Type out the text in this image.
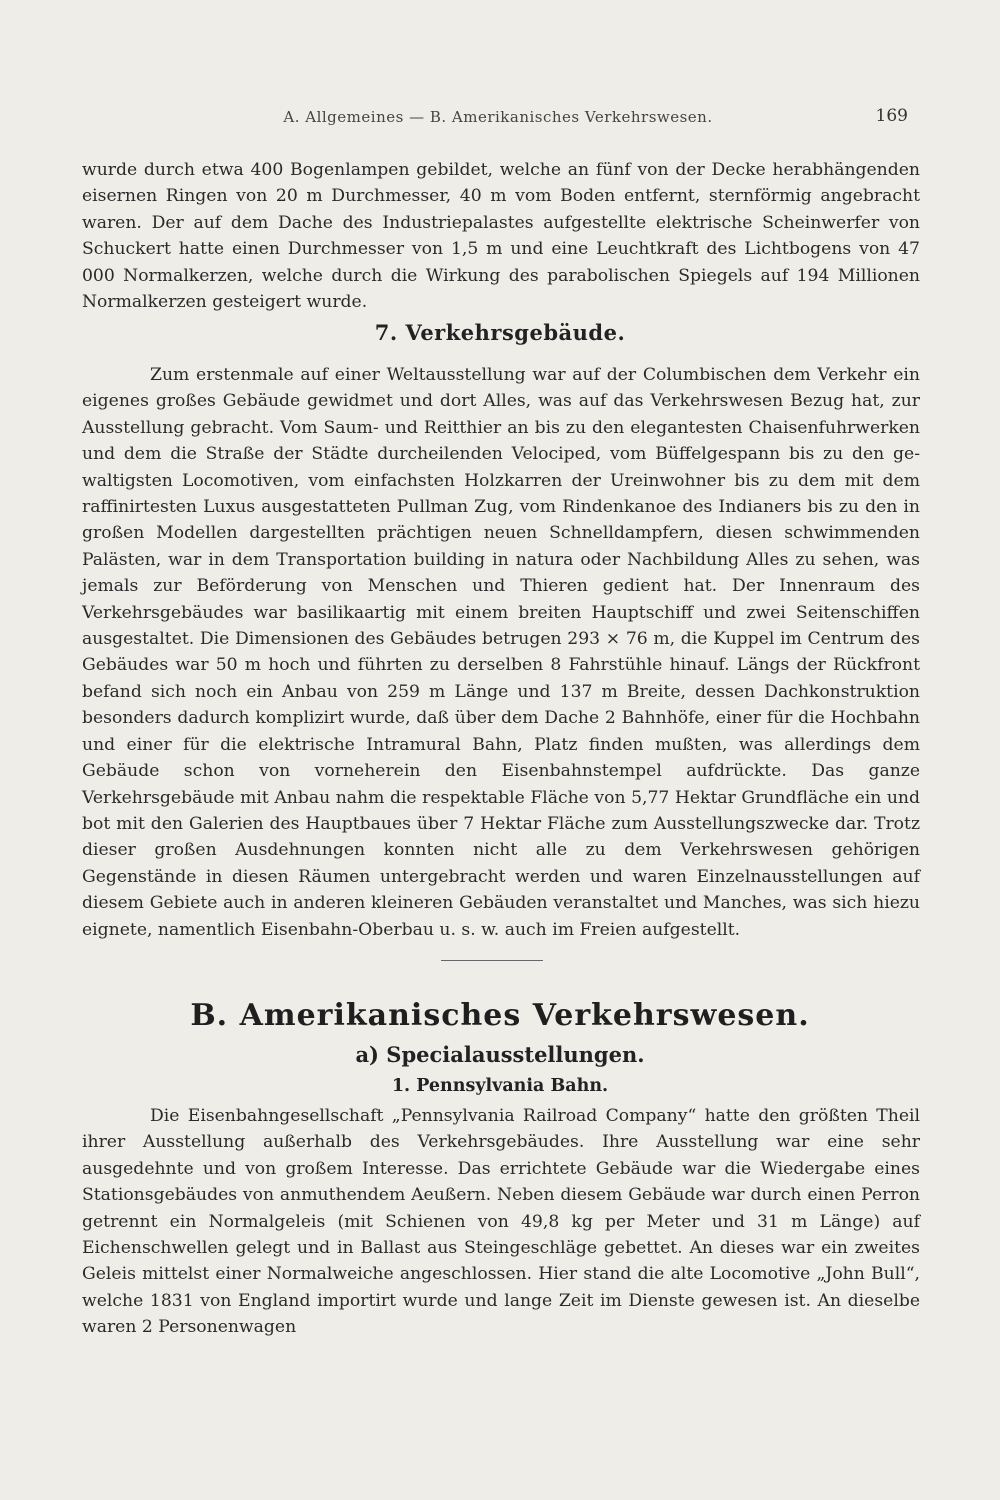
A. Allgemeines — B. Amerikanisches Verkehrswesen.	169

wurde durch etwa 400 Bogenlampen gebildet, welche an fünf von der Decke herabhängenden eisernen Ringen von 20 m Durchmesser, 40 m vom Boden entfernt, sternförmig angebracht waren. Der auf dem Dache des Industriepalastes aufgestellte elektrische Scheinwerfer von Schuckert hatte einen Durchmesser von 1,5 m und eine Leuchtkraft des Lichtbogens von 47 000 Normalkerzen, welche durch die Wirkung des parabolischen Spiegels auf 194 Millionen Normalkerzen gesteigert wurde.

7. Verkehrsgebäude.

Zum erstenmale auf einer Weltausstellung war auf der Columbischen dem Verkehr ein eigenes großes Gebäude gewidmet und dort Alles, was auf das Verkehrswesen Bezug hat, zur Ausstellung gebracht. Vom Saum- und Reitthier an bis zu den elegantesten Chaisenfuhrwerken und dem die Straße der Städte durcheilenden Velociped, vom Büffelgespann bis zu den gewaltigsten Locomotiven, vom einfachsten Holzkarren der Ureinwohner bis zu dem mit dem raffinirtesten Luxus ausgestatteten Pullman Zug, vom Rindenkanoe des Indianers bis zu den in großen Modellen dargestellten prächtigen neuen Schnelldampfern, diesen schwimmenden Palästen, war in dem Transportation building in natura oder Nachbildung Alles zu sehen, was jemals zur Beförderung von Menschen und Thieren gedient hat. Der Innenraum des Verkehrsgebäudes war basilikaartig mit einem breiten Hauptschiff und zwei Seitenschiffen ausgestaltet. Die Dimensionen des Gebäudes betrugen 293 × 76 m, die Kuppel im Centrum des Gebäudes war 50 m hoch und führten zu derselben 8 Fahrstühle hinauf. Längs der Rückfront befand sich noch ein Anbau von 259 m Länge und 137 m Breite, dessen Dachkonstruktion besonders dadurch komplizirt wurde, daß über dem Dache 2 Bahnhöfe, einer für die Hochbahn und einer für die elektrische Intramural Bahn, Platz finden mußten, was allerdings dem Gebäude schon von vorneherein den Eisenbahnstempel aufdrückte. Das ganze Verkehrsgebäude mit Anbau nahm die respektable Fläche von 5,77 Hektar Grundfläche ein und bot mit den Galerien des Hauptbaues über 7 Hektar Fläche zum Ausstellungszwecke dar. Trotz dieser großen Ausdehnungen konnten nicht alle zu dem Verkehrswesen gehörigen Gegenstände in diesen Räumen untergebracht werden und waren Einzelnausstellungen auf diesem Gebiete auch in anderen kleineren Gebäuden veranstaltet und Manches, was sich hiezu eignete, namentlich Eisenbahn-Oberbau u. s. w. auch im Freien aufgestellt.

B. Amerikanisches Verkehrswesen.
a) Specialausstellungen.
1. Pennsylvania Bahn.

Die Eisenbahngesellschaft „Pennsylvania Railroad Company“ hatte den größten Theil ihrer Ausstellung außerhalb des Verkehrsgebäudes. Ihre Ausstellung war eine sehr ausgedehnte und von großem Interesse. Das errichtete Gebäude war die Wiedergabe eines Stationsgebäudes von anmuthendem Aeußern. Neben diesem Gebäude war durch einen Perron getrennt ein Normalgeleis (mit Schienen von 49,8 kg per Meter und 31 m Länge) auf Eichenschwellen gelegt und in Ballast aus Steingeschläge gebettet. An dieses war ein zweites Geleis mittelst einer Normalweiche angeschlossen. Hier stand die alte Locomotive „John Bull“, welche 1831 von England importirt wurde und lange Zeit im Dienste gewesen ist. An dieselbe waren 2 Personenwagen
